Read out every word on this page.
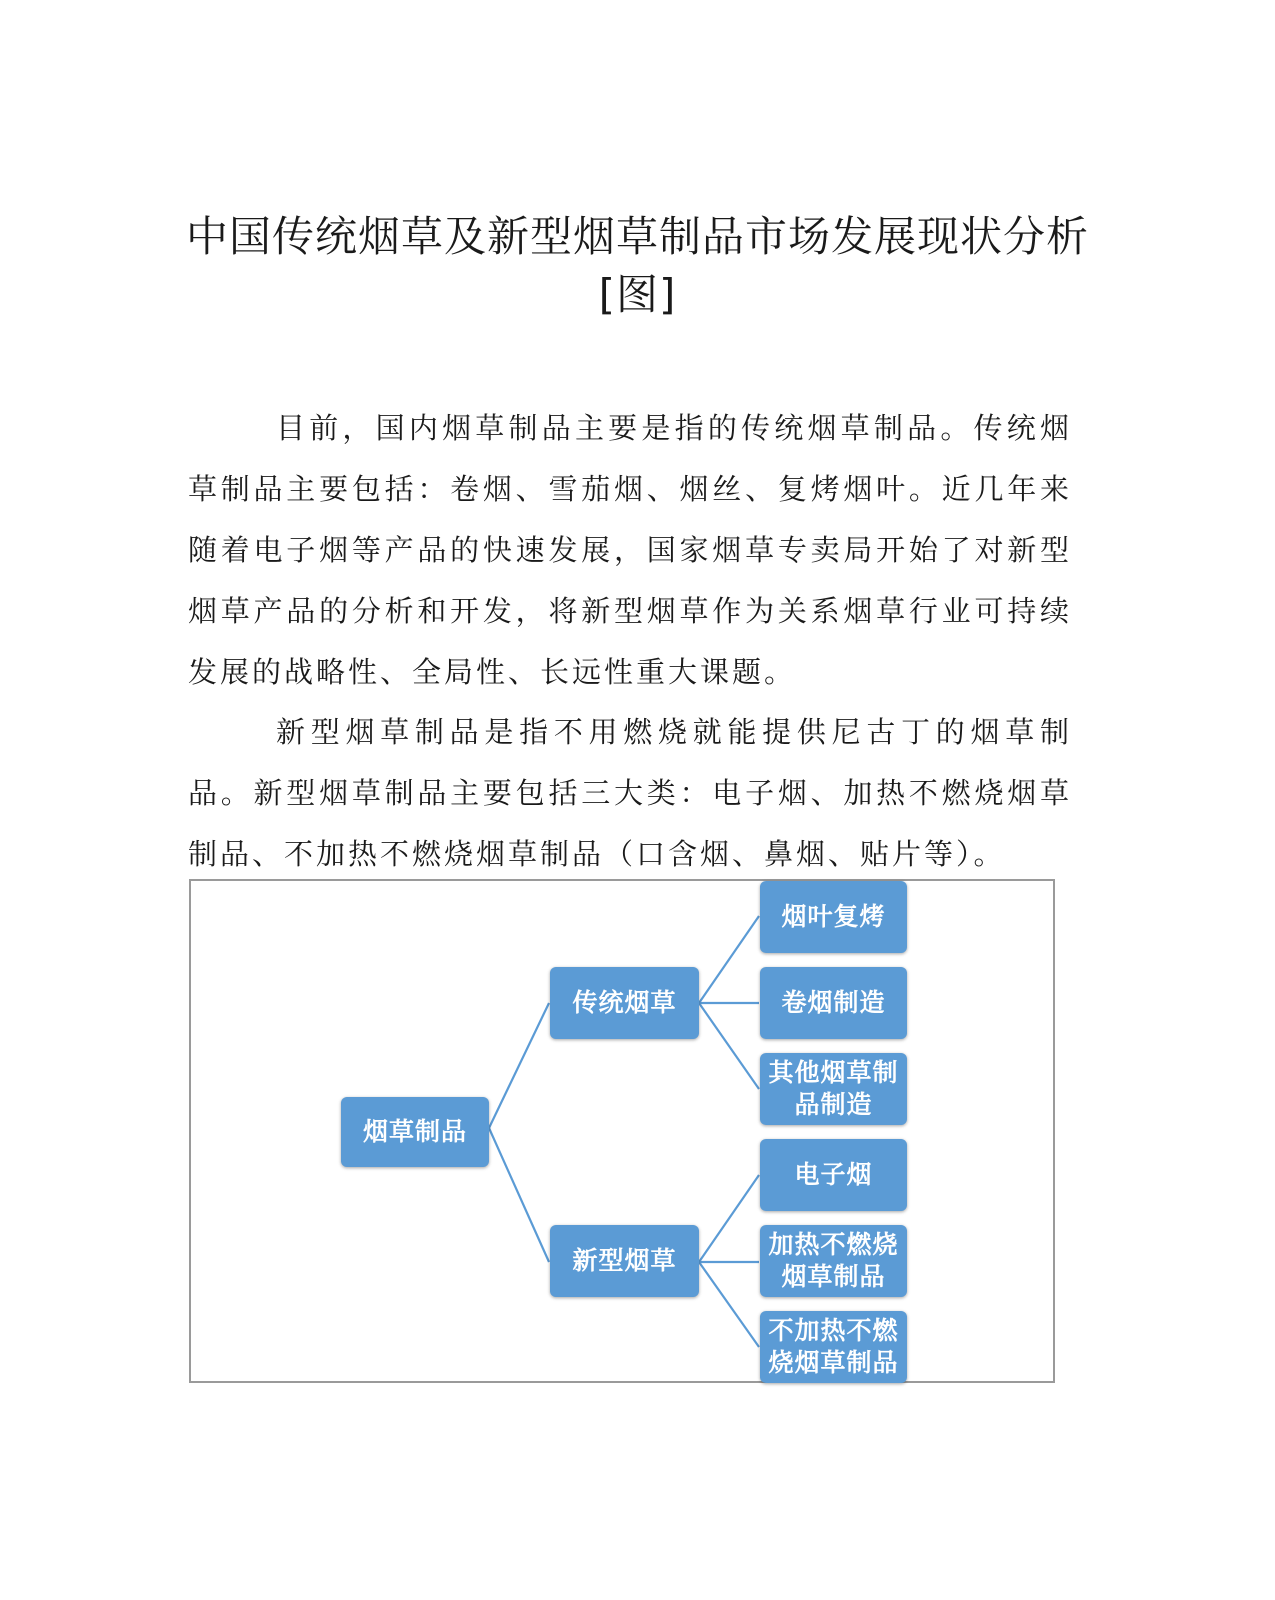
中国传统烟草及新型烟草制品市场发展现状分析[图]

目前，国内烟草制品主要是指的传统烟草制品。传统烟草制品主要包括：卷烟、雪茄烟、烟丝、复烤烟叶。近几年来随着电子烟等产品的快速发展，国家烟草专卖局开始了对新型烟草产品的分析和开发，将新型烟草作为关系烟草行业可持续发展的战略性、全局性、长远性重大课题。

新型烟草制品是指不用燃烧就能提供尼古丁的烟草制品。新型烟草制品主要包括三大类：电子烟、加热不燃烧烟草制品、不加热不燃烧烟草制品（口含烟、鼻烟、贴片等）。

烟草制品
传统烟草
新型烟草
烟叶复烤
卷烟制造
其他烟草制品制造
电子烟
加热不燃烧烟草制品
不加热不燃烧烟草制品
